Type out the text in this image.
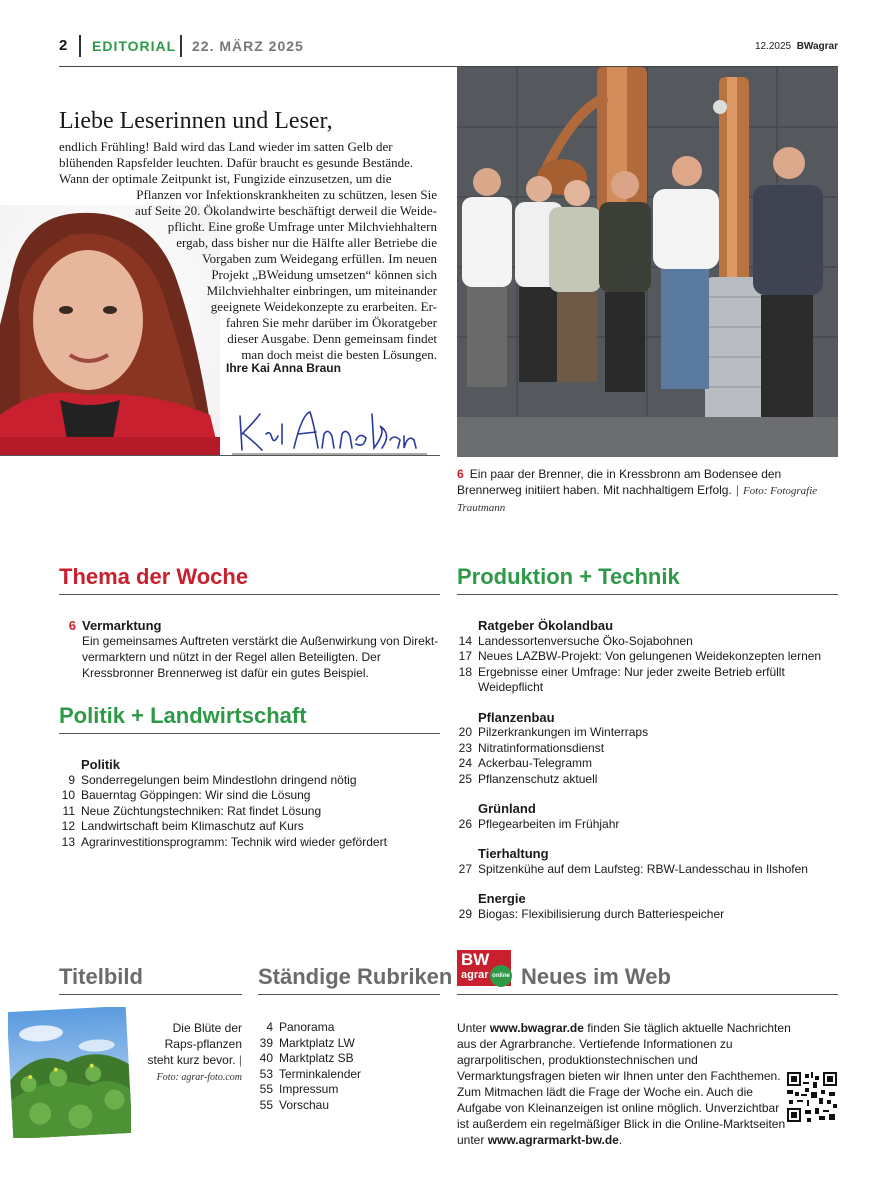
2 EDITORIAL 22. MÄRZ 2025	12.2025 BWagrar
Liebe Leserinnen und Leser,
endlich Frühling! Bald wird das Land wieder im satten Gelb der
blühenden Rapsfelder leuchten. Dafür braucht es gesunde Bestände.
Wann der optimale Zeitpunkt ist, Fungizide einzusetzen, um die
Pflanzen vor Infektionskrankheiten zu schützen, lesen Sie
auf Seite 20. Ökolandwirte beschäftigt derweil die Weide-
pflicht. Eine große Umfrage unter Milchviehhaltern
ergab, dass bisher nur die Hälfte aller Betriebe die
Vorgaben zum Weidegang erfüllen. Im neuen
Projekt „BWeidung umsetzen“ können sich
Milchviehhalter einbringen, um miteinander
geeignete Weidekonzepte zu erarbeiten. Er-
fahren Sie mehr darüber im Ökoratgeber
dieser Ausgabe. Denn gemeinsam findet
man doch meist die besten Lösungen.
Ihre Kai Anna Braun
6 Ein paar der Brenner, die in Kressbronn am Bodensee den Brennerweg initiiert haben. Mit nachhaltigem Erfolg. | Foto: Fotografie Trautmann
Thema der Woche
6 Vermarktung
Ein gemeinsames Auftreten verstärkt die Außenwirkung von Direkt-vermarktern und nützt in der Regel allen Beteiligten. Der Kressbronner Brennerweg ist dafür ein gutes Beispiel.
Politik + Landwirtschaft
Politik
9 Sonderregelungen beim Mindestlohn dringend nötig
10 Bauerntag Göppingen: Wir sind die Lösung
11 Neue Züchtungstechniken: Rat findet Lösung
12 Landwirtschaft beim Klimaschutz auf Kurs
13 Agrarinvestitionsprogramm: Technik wird wieder gefördert
Produktion + Technik
Ratgeber Ökolandbau
14 Landessortenversuche Öko-Sojabohnen
17 Neues LAZBW-Projekt: Von gelungenen Weidekonzepten lernen
18 Ergebnisse einer Umfrage: Nur jeder zweite Betrieb erfüllt Weidepflicht
Pflanzenbau
20 Pilzerkrankungen im Winterraps
23 Nitratinformationsdienst
24 Ackerbau-Telegramm
25 Pflanzenschutz aktuell
Grünland
26 Pflegearbeiten im Frühjahr
Tierhaltung
27 Spitzenkühe auf dem Laufsteg: RBW-Landesschau in Ilshofen
Energie
29 Biogas: Flexibilisierung durch Batteriespeicher
Titelbild
Die Blüte der Raps-pflanzen steht kurz bevor. | Foto: agrar-foto.com
Ständige Rubriken
4 Panorama
39 Marktplatz LW
40 Marktplatz SB
53 Terminkalender
55 Impressum
55 Vorschau
BW
agrar online Neues im Web
Unter www.bwagrar.de finden Sie täglich aktuelle Nachrichten aus der Agrarbranche. Vertiefende Informationen zu agrarpolitischen, produktionstechnischen und Vermarktungsfragen bieten wir Ihnen unter den Fachthemen. Zum Mitmachen lädt die Frage der Woche ein. Auch die Aufgabe von Kleinanzeigen ist online möglich. Unverzichtbar ist außerdem ein regelmäßiger Blick in die Online-Marktseiten unter www.agrarmarkt-bw.de.
